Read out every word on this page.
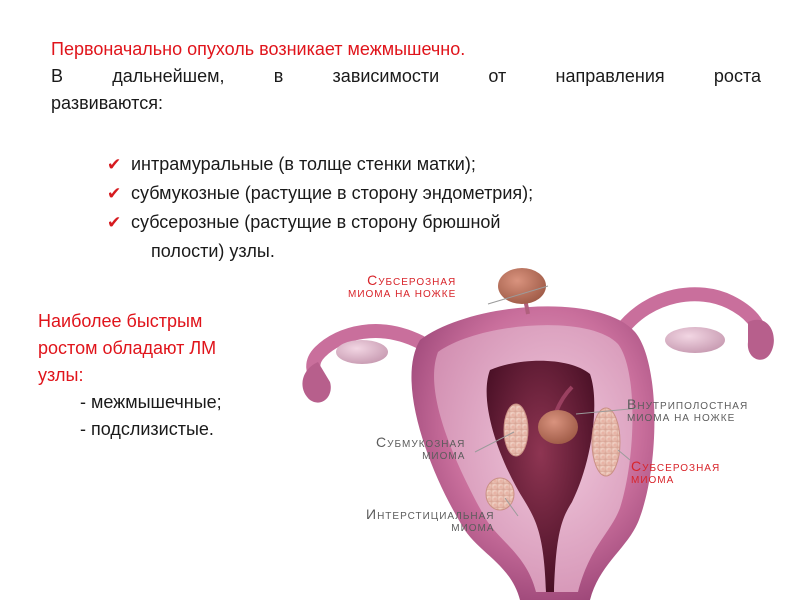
Первоначально опухоль возникает межмышечно.
В дальнейшем, в зависимости от направления роста
развиваются:
✔ интрамуральные (в толще стенки матки);
✔ субмукозные (растущие в сторону эндометрия);
✔ субсерозные (растущие в сторону брюшной
полости) узлы.
Наиболее быстрым
ростом обладают ЛМ
узлы:
- межмышечные;
- подслизистые.
СУБСЕРОЗНАЯ
МИОМА НА НОЖКЕ
ВНУТРИПОЛОСТНАЯ
МИОМА НА НОЖКЕ
СУБМУКОЗНАЯ
МИОМА
СУБСЕРОЗНАЯ
МИОМА
ИНТЕРСТИЦИАЛЬНАЯ
МИОМА
